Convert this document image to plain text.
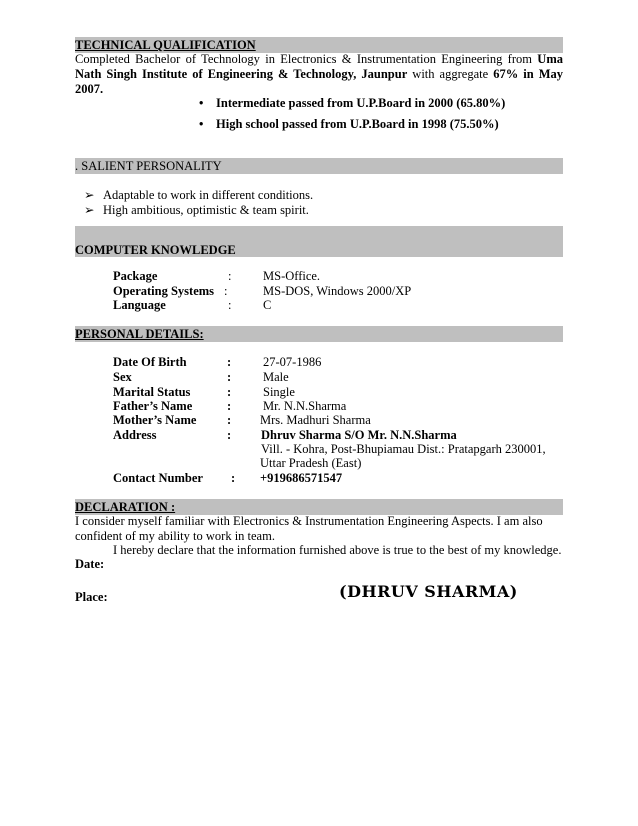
TECHNICAL QUALIFICATION
Completed Bachelor of Technology in Electronics & Instrumentation Engineering from Uma Nath Singh Institute of Engineering & Technology, Jaunpur with aggregate 67% in May 2007.
• Intermediate passed from U.P.Board in 2000 (65.80%)
• High school passed from U.P.Board in 1998 (75.50%)
. SALIENT PERSONALITY
➢ Adaptable to work in different conditions.
➢ High ambitious, optimistic & team spirit.
COMPUTER KNOWLEDGE
Package	:	MS-Office.
Operating Systems :	MS-DOS, Windows 2000/XP
Language	:	C
PERSONAL DETAILS:
Date Of Birth	:	27-07-1986
Sex	:	Male
Marital Status	:	Single
Father’s Name	:	Mr. N.N.Sharma
Mother’s Name : Mrs. Madhuri Sharma
Address	: Dhruv Sharma S/O Mr. N.N.Sharma
Vill. - Kohra, Post-Bhupiamau Dist.: Pratapgarh 230001,
Uttar Pradesh (East)
Contact Number : +919686571547
DECLARATION :
I consider myself familiar with Electronics & Instrumentation Engineering Aspects. I am also
confident of my ability to work in team.
I hereby declare that the information furnished above is true to the best of my knowledge.
Date:
Place:	(DHRUV SHARMA)
